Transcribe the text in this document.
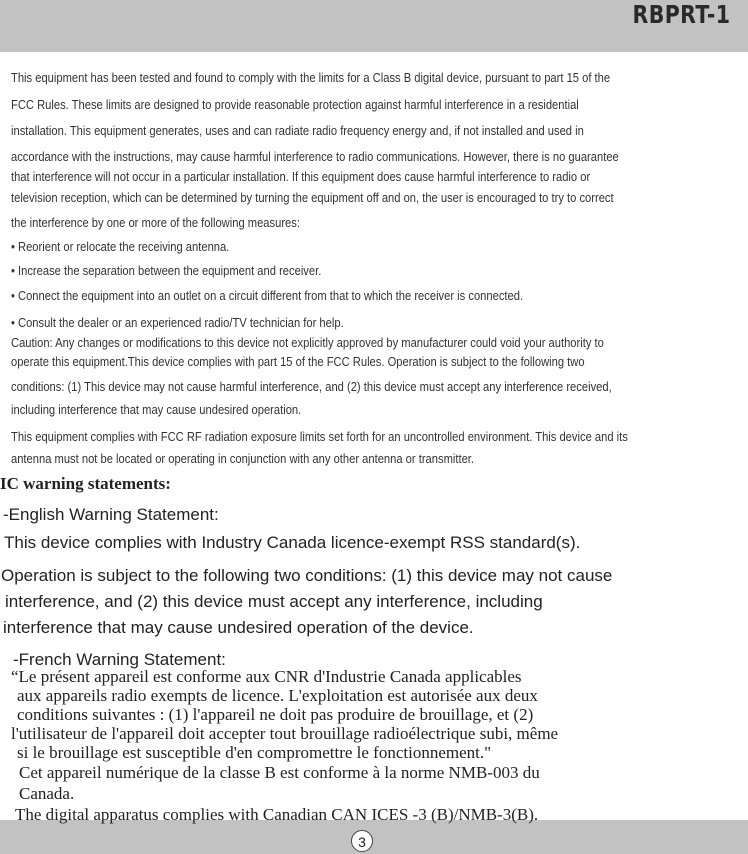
RBPRT-1
This equipment has been tested and found to comply with the limits for a Class B digital device, pursuant to part 15 of the
FCC Rules. These limits are designed to provide reasonable protection against harmful interference in a residential
installation. This equipment generates, uses and can radiate radio frequency energy and, if not installed and used in
accordance with the instructions, may cause harmful interference to radio communications. However, there is no guarantee
that interference will not occur in a particular installation. If this equipment does cause harmful interference to radio or
television reception, which can be determined by turning the equipment off and on, the user is encouraged to try to correct
the interference by one or more of the following measures:
• Reorient or relocate the receiving antenna.
• Increase the separation between the equipment and receiver.
• Connect the equipment into an outlet on a circuit different from that to which the receiver is connected.
• Consult the dealer or an experienced radio/TV technician for help.
Caution: Any changes or modifications to this device not explicitly approved by manufacturer could void your authority to
operate this equipment.This device complies with part 15 of the FCC Rules. Operation is subject to the following two
conditions: (1) This device may not cause harmful interference, and (2) this device must accept any interference received,
including interference that may cause undesired operation.
This equipment complies with FCC RF radiation exposure limits set forth for an uncontrolled environment. This device and its
antenna must not be located or operating in conjunction with any other antenna or transmitter.
IC warning statements:
-English Warning Statement:
This device complies with Industry Canada licence-exempt RSS standard(s).
Operation is subject to the following two conditions: (1) this device may not cause
interference, and (2) this device must accept any interference, including
interference that may cause undesired operation of the device.
-French Warning Statement:
“Le présent appareil est conforme aux CNR d'Industrie Canada applicables
aux appareils radio exempts de licence. L'exploitation est autorisée aux deux
conditions suivantes : (1) l'appareil ne doit pas produire de brouillage, et (2)
l'utilisateur de l'appareil doit accepter tout brouillage radioélectrique subi, même
si le brouillage est susceptible d'en compromettre le fonctionnement."
Cet appareil numérique de la classe B est conforme à la norme NMB-003 du
Canada.
The digital apparatus complies with Canadian CAN ICES -3 (B)/NMB-3(B).
3
